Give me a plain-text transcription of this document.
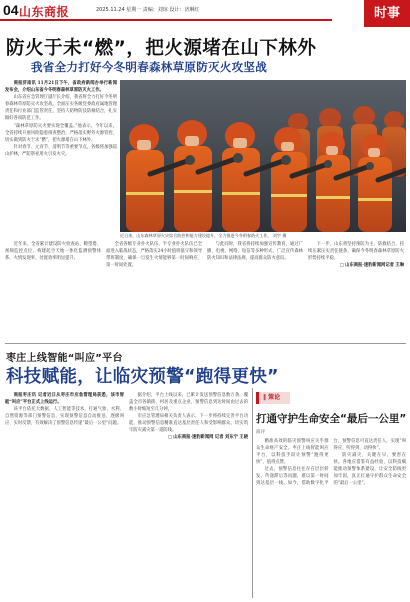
04 山东商报	2025.11.24 星期一 责编：刘琼 设计：济琳红	时事
防火于未“燃”，把火源堵在山下林外
我省全力打好今冬明春森林草原防灭火攻坚战

商报济南讯 11月21日下午，省政府新闻办举行新闻发布会，介绍山东省今冬明春森林草原防灭火工作。

山东省应急管理厅副厅长介绍，我省将全力打好今冬明春森林草原防灭火攻坚战，全面压实各级党委政府属地管理责任和行业部门监管责任，坚持人防物防技防相结合，扎实做好各项防范工作。

“森林草原防灭火要实现全覆盖。”他表示，今年以来，全省持续开展风险隐患排查整治，严格落实野外火源管控，切实做到防火于未“燃”，把火源堵在山下林外。

针对春节、元宵节、清明节等重要节点，各级将加强巡山护林，严防祭祀用火引发火灾。

近日来，山东森林草原火灾综合防控和能力建设提升，全力推进今冬明春防火工作。 刘宇 摄

近年来，全省累计建设防火检查站、瞭望塔、视频监控点位，构建起空天地一体化监测预警体系，火情发现率、处置效率明显提升。

全省各级专业扑火队伍、半专业扑火队伍已全面进入临战状态，严格落实24小时值班值守和领导带班制度，确保一旦发生火情能够第一时间响应、第一时间处置。

与此同时，我省将持续加强宣传教育，通过广播、电视、网络、短信等多种形式，广泛宣传森林防火知识和法律法规，提高群众防火意识。

下一步，山东将坚持预防为主、防救结合，持续压紧压实责任链条，确保今冬明春森林草原防火形势持续平稳。

□ 山东商报·速豹新闻网记者 王琳

枣庄上线智能“叫应”平台
科技赋能，让临灾预警“跑得更快”

商报枣庄讯 记者近日从枣庄市应急管理局获悉，该市智能“叫应”平台正式上线运行。

该平台依托大数据、人工智能等技术，打通气象、水利、自然资源等部门预警信息，实现预警信息自动推送、逐级叫应、实时反馈，有效解决了预警信息传递“最后一公里”问题。

据介绍，平台上线以来，已累计发送预警信息数万条，覆盖全市各镇街、村居及重点企业，预警信息到达时间由过去的数小时缩短至几分钟。

市应急管理局相关负责人表示，下一步将持续完善平台功能，推动预警信息精准直达基层责任人和受影响群众，切实筑牢防灾减灾第一道防线。

□ 山东商报·速豹新闻网 记者 刘东宁 王晓

‖ 策论
打通守护生命安全“最后一公里”
商评

精准高效的临灾预警叫应关乎群众生命财产安全。枣庄上线智能叫应平台，以科技手段让预警“跑得更快”，值得点赞。

过去，预警信息往往存在层层转发、传递滞后等问题，难以第一时间到达基层一线。如今，借助数字化平台，预警信息可直达责任人，实现“叫得应、听得到、动得快”。

防灾减灾，关键在早、要害在快。各地应借鉴有益经验，以科技赋能推动预警体系建设，让安全防线更加牢固，真正打通守护群众生命安全的“最后一公里”。
